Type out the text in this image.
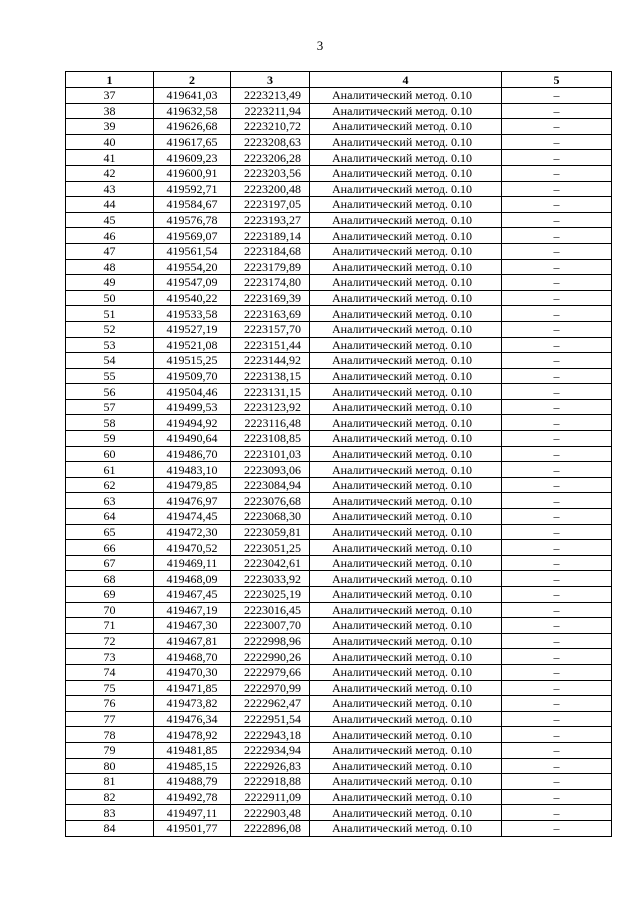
3
1	2	3	4	5
37	419641,03	2223213,49	Аналитический метод. 0.10	–
38	419632,58	2223211,94	Аналитический метод. 0.10	–
39	419626,68	2223210,72	Аналитический метод. 0.10	–
40	419617,65	2223208,63	Аналитический метод. 0.10	–
41	419609,23	2223206,28	Аналитический метод. 0.10	–
42	419600,91	2223203,56	Аналитический метод. 0.10	–
43	419592,71	2223200,48	Аналитический метод. 0.10	–
44	419584,67	2223197,05	Аналитический метод. 0.10	–
45	419576,78	2223193,27	Аналитический метод. 0.10	–
46	419569,07	2223189,14	Аналитический метод. 0.10	–
47	419561,54	2223184,68	Аналитический метод. 0.10	–
48	419554,20	2223179,89	Аналитический метод. 0.10	–
49	419547,09	2223174,80	Аналитический метод. 0.10	–
50	419540,22	2223169,39	Аналитический метод. 0.10	–
51	419533,58	2223163,69	Аналитический метод. 0.10	–
52	419527,19	2223157,70	Аналитический метод. 0.10	–
53	419521,08	2223151,44	Аналитический метод. 0.10	–
54	419515,25	2223144,92	Аналитический метод. 0.10	–
55	419509,70	2223138,15	Аналитический метод. 0.10	–
56	419504,46	2223131,15	Аналитический метод. 0.10	–
57	419499,53	2223123,92	Аналитический метод. 0.10	–
58	419494,92	2223116,48	Аналитический метод. 0.10	–
59	419490,64	2223108,85	Аналитический метод. 0.10	–
60	419486,70	2223101,03	Аналитический метод. 0.10	–
61	419483,10	2223093,06	Аналитический метод. 0.10	–
62	419479,85	2223084,94	Аналитический метод. 0.10	–
63	419476,97	2223076,68	Аналитический метод. 0.10	–
64	419474,45	2223068,30	Аналитический метод. 0.10	–
65	419472,30	2223059,81	Аналитический метод. 0.10	–
66	419470,52	2223051,25	Аналитический метод. 0.10	–
67	419469,11	2223042,61	Аналитический метод. 0.10	–
68	419468,09	2223033,92	Аналитический метод. 0.10	–
69	419467,45	2223025,19	Аналитический метод. 0.10	–
70	419467,19	2223016,45	Аналитический метод. 0.10	–
71	419467,30	2223007,70	Аналитический метод. 0.10	–
72	419467,81	2222998,96	Аналитический метод. 0.10	–
73	419468,70	2222990,26	Аналитический метод. 0.10	–
74	419470,30	2222979,66	Аналитический метод. 0.10	–
75	419471,85	2222970,99	Аналитический метод. 0.10	–
76	419473,82	2222962,47	Аналитический метод. 0.10	–
77	419476,34	2222951,54	Аналитический метод. 0.10	–
78	419478,92	2222943,18	Аналитический метод. 0.10	–
79	419481,85	2222934,94	Аналитический метод. 0.10	–
80	419485,15	2222926,83	Аналитический метод. 0.10	–
81	419488,79	2222918,88	Аналитический метод. 0.10	–
82	419492,78	2222911,09	Аналитический метод. 0.10	–
83	419497,11	2222903,48	Аналитический метод. 0.10	–
84	419501,77	2222896,08	Аналитический метод. 0.10	–
